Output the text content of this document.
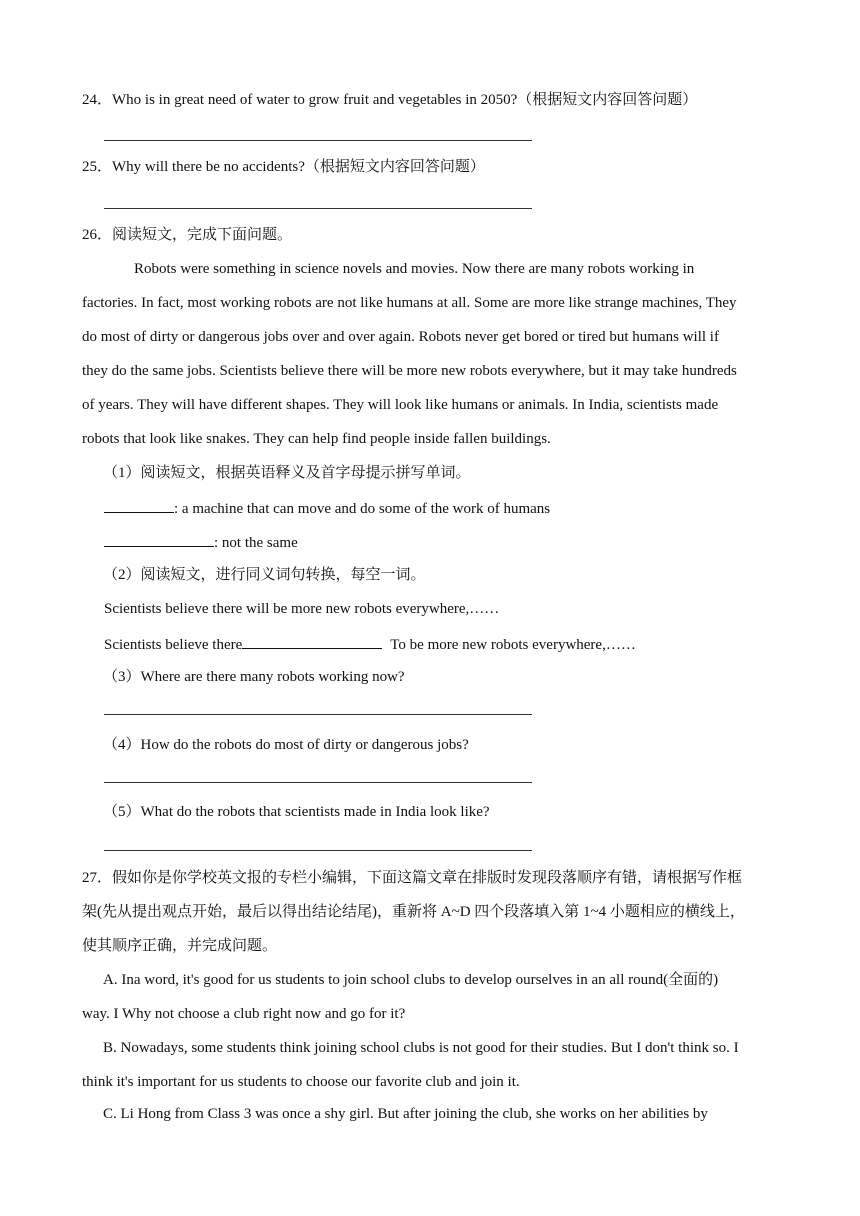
24．Who is in great need of water to grow fruit and vegetables in 2050?（根据短文内容回答问题）
25．Why will there be no accidents?（根据短文内容回答问题）
26．阅读短文，完成下面问题。
Robots were something in science novels and movies. Now there are many robots working in
factories. In fact, most working robots are not like humans at all. Some are more like strange machines, They
do most of dirty or dangerous jobs over and over again. Robots never get bored or tired but humans will if
they do the same jobs. Scientists believe there will be more new robots everywhere, but it may take hundreds
of years. They will have different shapes. They will look like humans or animals. In India, scientists made
robots that look like snakes. They can help find people inside fallen buildings.
（1）阅读短文，根据英语释义及首字母提示拼写单词。
: a machine that can move and do some of the work of humans
: not the same
（2）阅读短文，进行同义词句转换，每空一词。
Scientists believe there will be more new robots everywhere,……
Scientists believe there	To be more new robots everywhere,……
（3）Where are there many robots working now?
（4）How do the robots do most of dirty or dangerous jobs?
（5）What do the robots that scientists made in India look like?
27．假如你是你学校英文报的专栏小编辑，下面这篇文章在排版时发现段落顺序有错，请根据写作框
架(先从提出观点开始，最后以得出结论结尾)，重新将 A~D 四个段落填入第 1~4 小题相应的横线上，
使其顺序正确，并完成问题。
A. Ina word, it's good for us students to join school clubs to develop ourselves in an all round(全面的)
way. I Why not choose a club right now and go for it?
B. Nowadays, some students think joining school clubs is not good for their studies. But I don't think so. I
think it's important for us students to choose our favorite club and join it.
C. Li Hong from Class 3 was once a shy girl. But after joining the club, she works on her abilities by
